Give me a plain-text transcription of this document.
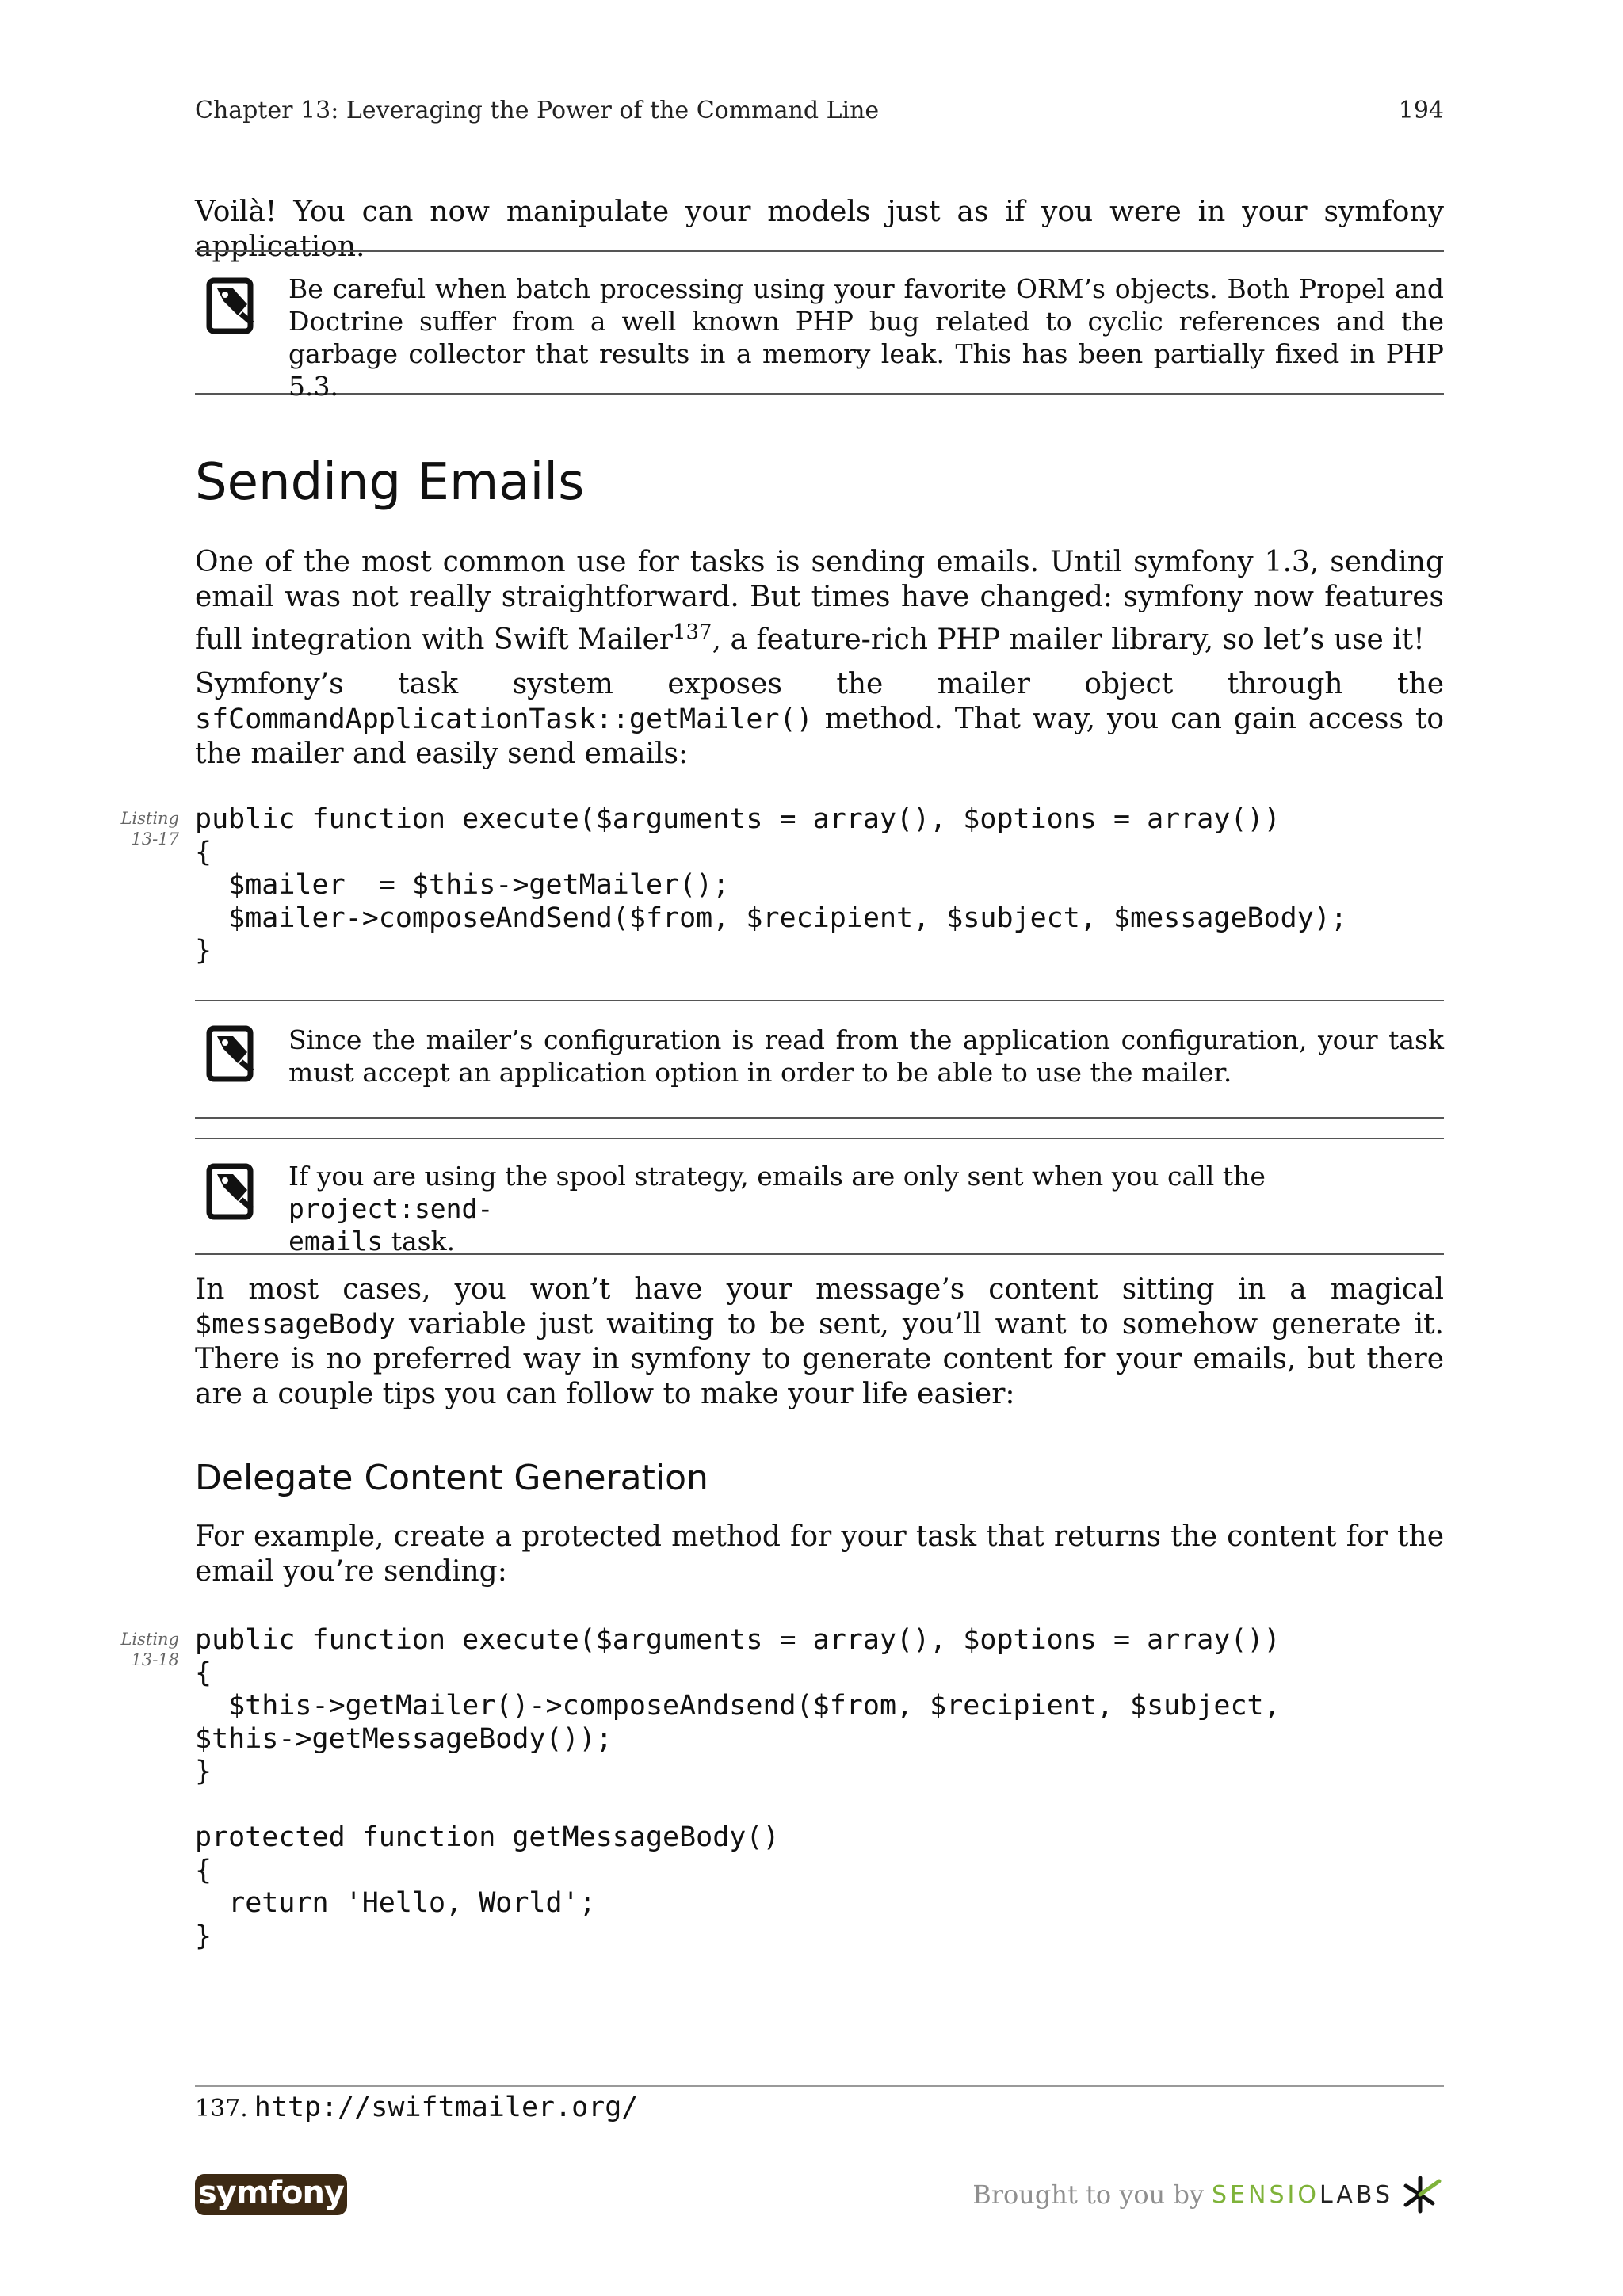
Chapter 13: Leveraging the Power of the Command Line	194

Voilà! You can now manipulate your models just as if you were in your symfony application.

Be careful when batch processing using your favorite ORM’s objects. Both Propel and Doctrine suffer from a well known PHP bug related to cyclic references and the garbage collector that results in a memory leak. This has been partially fixed in PHP 5.3.

Sending Emails

One of the most common use for tasks is sending emails. Until symfony 1.3, sending email was not really straightforward. But times have changed: symfony now features full integration with Swift Mailer$^{137}$, a feature-rich PHP mailer library, so let’s use it!

Symfony’s task system exposes the mailer object through the sfCommandApplicationTask::getMailer() method. That way, you can gain access to the mailer and easily send emails:

Listing
13-17
public function execute($arguments = array(), $options = array())
{
$mailer  = $this->getMailer();
$mailer->composeAndSend($from, $recipient, $subject, $messageBody);
}

Since the mailer’s configuration is read from the application configuration, your task must accept an application option in order to be able to use the mailer.

If you are using the spool strategy, emails are only sent when you call the project:send-
emails task.

In most cases, you won’t have your message’s content sitting in a magical $messageBody variable just waiting to be sent, you’ll want to somehow generate it. There is no preferred way in symfony to generate content for your emails, but there are a couple tips you can follow to make your life easier:

Delegate Content Generation

For example, create a protected method for your task that returns the content for the email you’re sending:

Listing
13-18
public function execute($arguments = array(), $options = array())
{
$this->getMailer()->composeAndsend($from, $recipient, $subject,
$this->getMessageBody());
}

protected function getMessageBody()
{
return 'Hello, World';
}
137. http://swiftmailer.org/
symfony	Brought to you by SENSIOLABS
